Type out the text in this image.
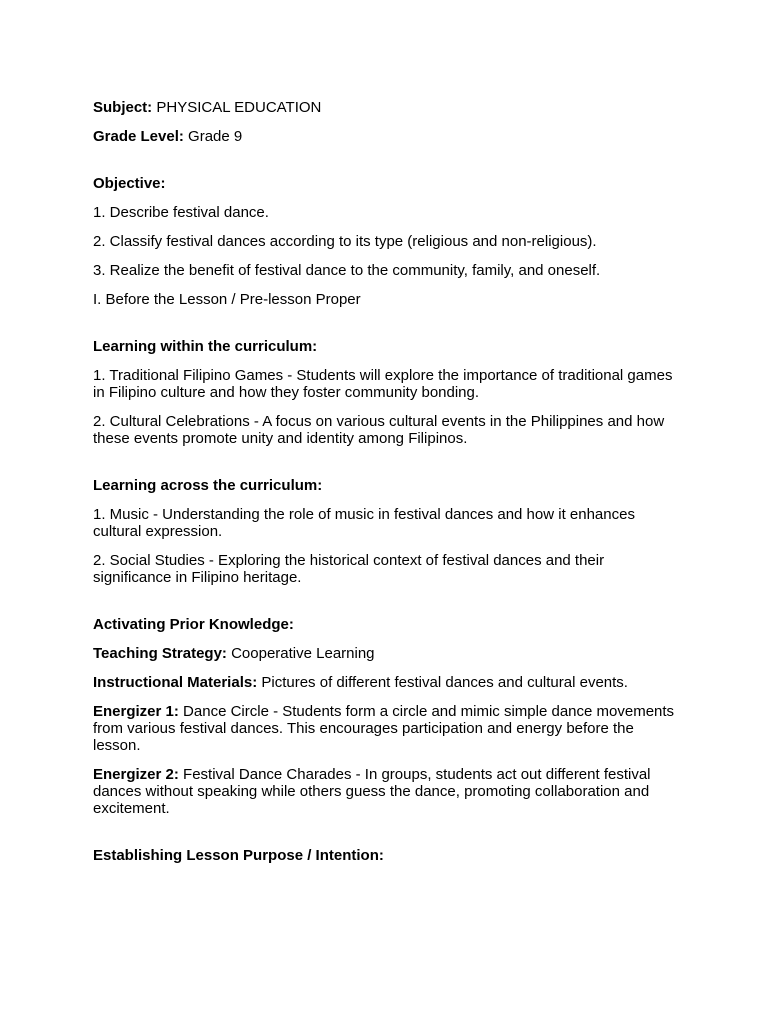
Subject: PHYSICAL EDUCATION

Grade Level: Grade 9

Objective:

1. Describe festival dance.

2. Classify festival dances according to its type (religious and non-religious).

3. Realize the benefit of festival dance to the community, family, and oneself.

I. Before the Lesson / Pre-lesson Proper

Learning within the curriculum:

1. Traditional Filipino Games - Students will explore the importance of traditional games in Filipino culture and how they foster community bonding.

2. Cultural Celebrations - A focus on various cultural events in the Philippines and how these events promote unity and identity among Filipinos.

Learning across the curriculum:

1. Music - Understanding the role of music in festival dances and how it enhances cultural expression.

2. Social Studies - Exploring the historical context of festival dances and their significance in Filipino heritage.

Activating Prior Knowledge:

Teaching Strategy: Cooperative Learning

Instructional Materials: Pictures of different festival dances and cultural events.

Energizer 1: Dance Circle - Students form a circle and mimic simple dance movements from various festival dances. This encourages participation and energy before the lesson.

Energizer 2: Festival Dance Charades - In groups, students act out different festival dances without speaking while others guess the dance, promoting collaboration and excitement.

Establishing Lesson Purpose / Intention:
